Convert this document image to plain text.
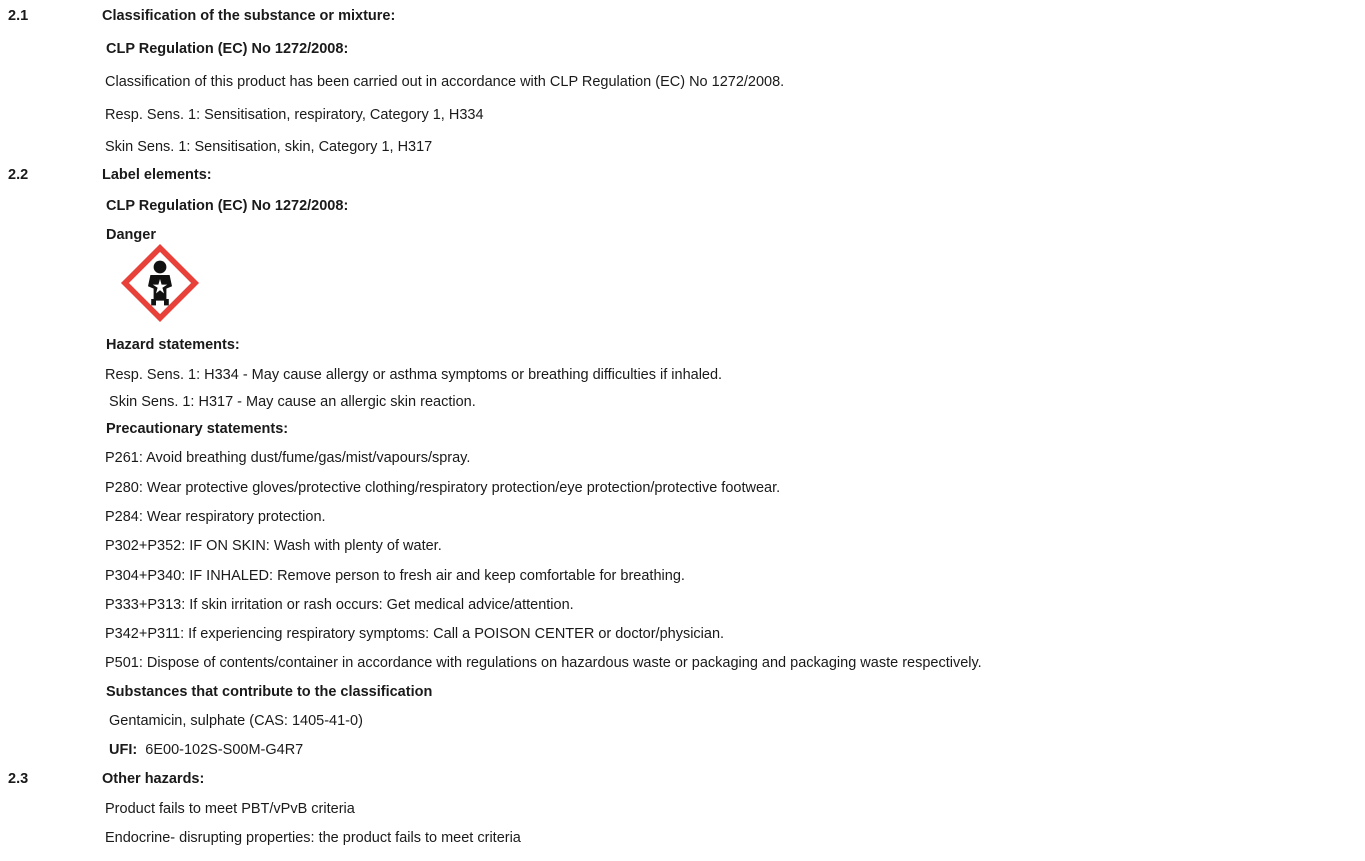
2.1	Classification of the substance or mixture:
CLP Regulation (EC) No 1272/2008:
Classification of this product has been carried out in accordance with CLP Regulation (EC) No 1272/2008.
Resp. Sens. 1: Sensitisation, respiratory, Category 1, H334
Skin Sens. 1: Sensitisation, skin, Category 1, H317
2.2	Label elements:
CLP Regulation (EC) No 1272/2008:
Danger
Hazard statements:
Resp. Sens. 1: H334 - May cause allergy or asthma symptoms or breathing difficulties if inhaled.
Skin Sens. 1: H317 - May cause an allergic skin reaction.
Precautionary statements:
P261: Avoid breathing dust/fume/gas/mist/vapours/spray.
P280: Wear protective gloves/protective clothing/respiratory protection/eye protection/protective footwear.
P284: Wear respiratory protection.
P302+P352: IF ON SKIN: Wash with plenty of water.
P304+P340: IF INHALED: Remove person to fresh air and keep comfortable for breathing.
P333+P313: If skin irritation or rash occurs: Get medical advice/attention.
P342+P311: If experiencing respiratory symptoms: Call a POISON CENTER or doctor/physician.
P501: Dispose of contents/container in accordance with regulations on hazardous waste or packaging and packaging waste respectively.
Substances that contribute to the classification
Gentamicin, sulphate (CAS: 1405-41-0)
UFI:  6E00-102S-S00M-G4R7
2.3	Other hazards:
Product fails to meet PBT/vPvB criteria
Endocrine- disrupting properties: the product fails to meet criteria
